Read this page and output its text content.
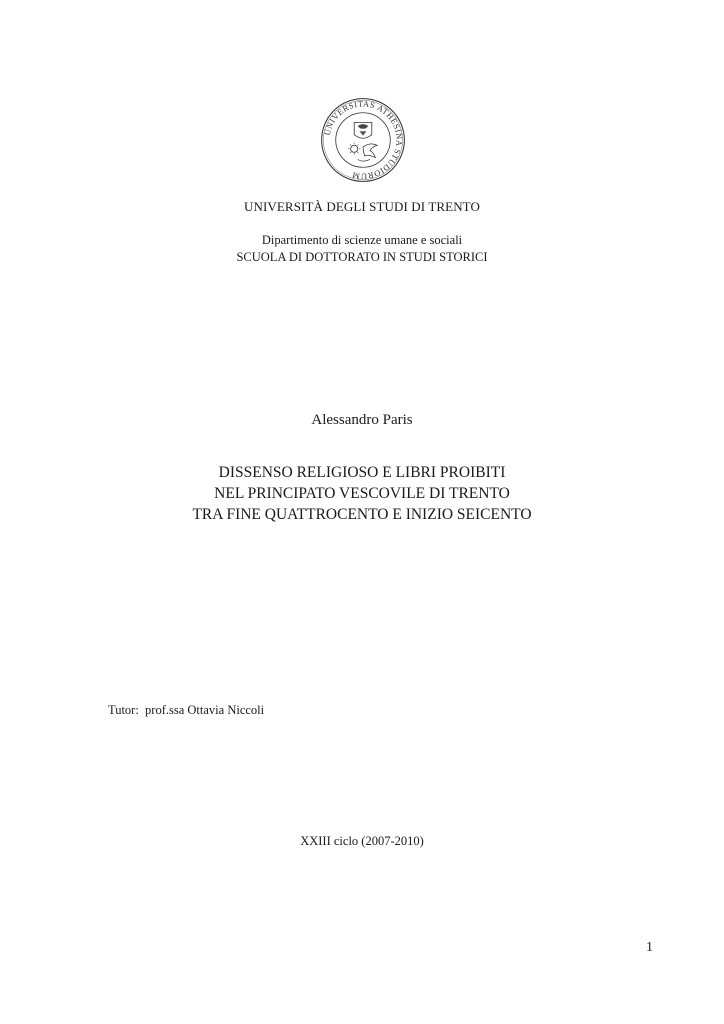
UNIVERSITAS ATHESINA STUDIORUM
UNIVERSITÀ DEGLI STUDI DI TRENTO
Dipartimento di scienze umane e sociali
SCUOLA DI DOTTORATO IN STUDI STORICI
Alessandro Paris
DISSENSO RELIGIOSO E LIBRI PROIBITI
NEL PRINCIPATO VESCOVILE DI TRENTO
TRA FINE QUATTROCENTO E INIZIO SEICENTO
Tutor:  prof.ssa Ottavia Niccoli
XXIII ciclo (2007-2010)
1
